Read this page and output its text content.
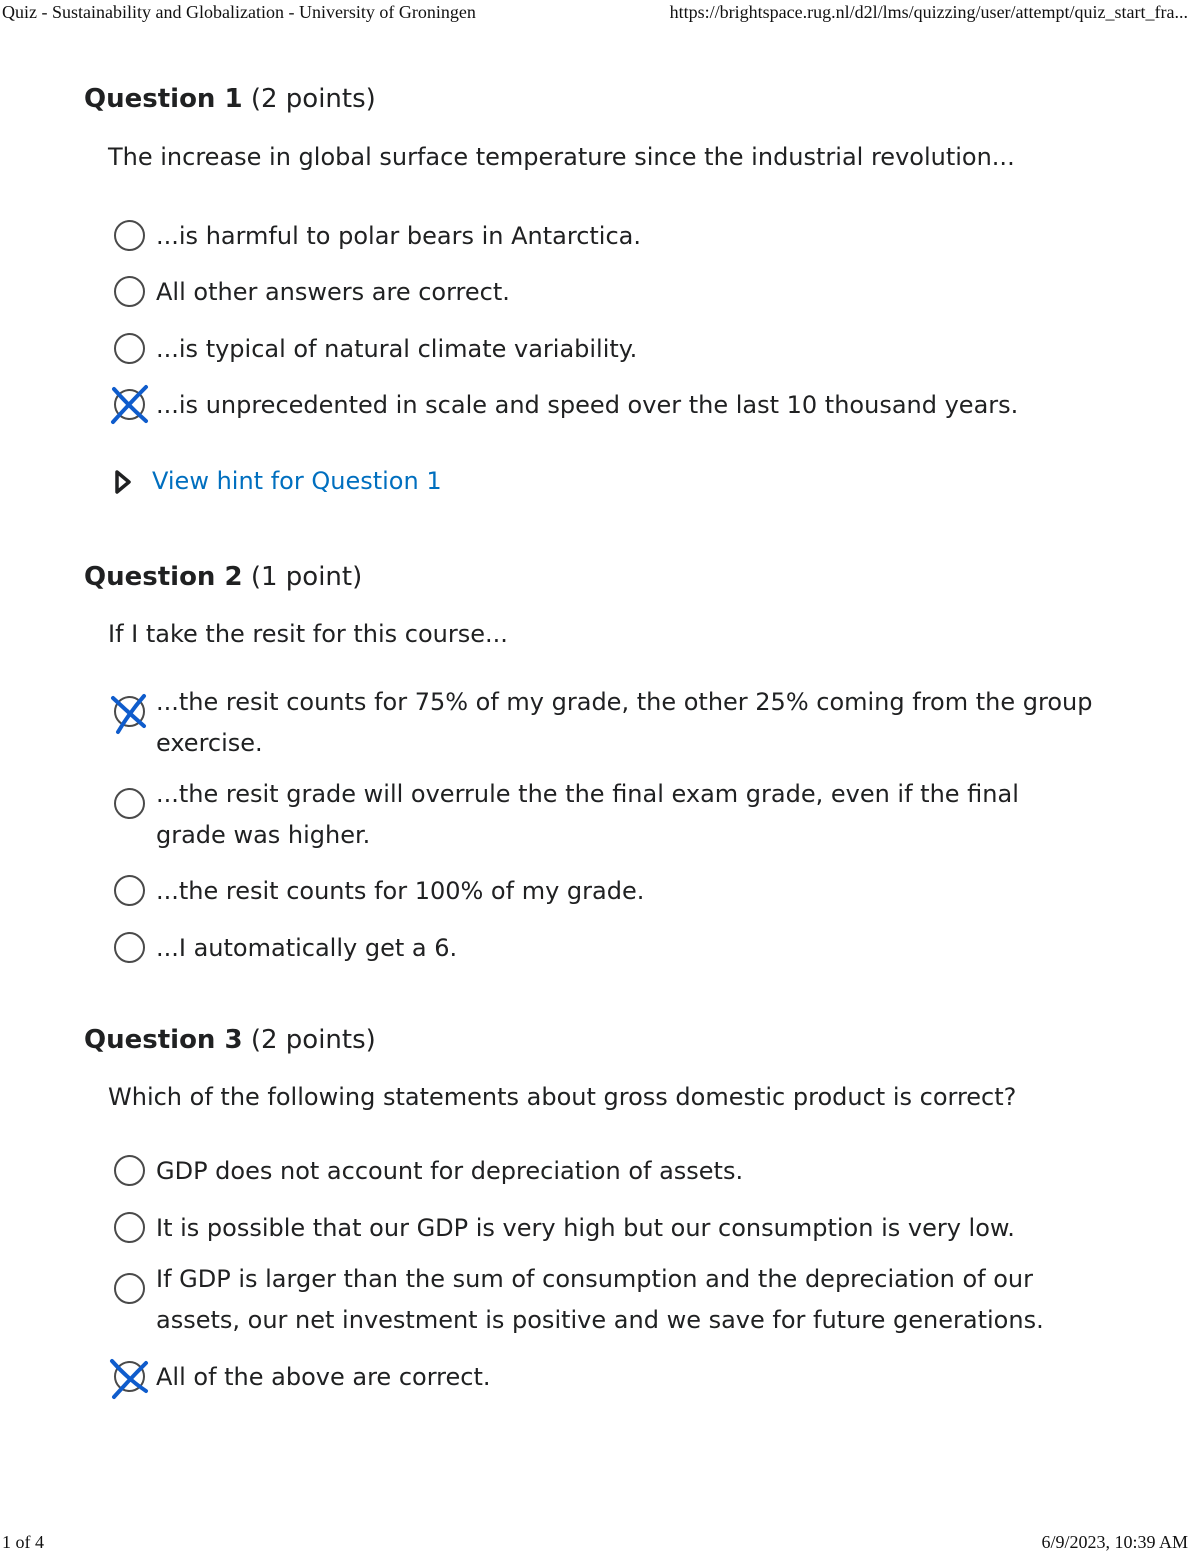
Quiz - Sustainability and Globalization - University of Groningen	https://brightspace.rug.nl/d2l/lms/quizzing/user/attempt/quiz_start_fra...
Question 1 (2 points)
The increase in global surface temperature since the industrial revolution...
...is harmful to polar bears in Antarctica.
All other answers are correct.
...is typical of natural climate variability.
...is unprecedented in scale and speed over the last 10 thousand years.
View hint for Question 1
Question 2 (1 point)
If I take the resit for this course...
...the resit counts for 75% of my grade, the other 25% coming from the group exercise.
...the resit grade will overrule the the final exam grade, even if the final grade was higher.
...the resit counts for 100% of my grade.
...I automatically get a 6.
Question 3 (2 points)
Which of the following statements about gross domestic product is correct?
GDP does not account for depreciation of assets.
It is possible that our GDP is very high but our consumption is very low.
If GDP is larger than the sum of consumption and the depreciation of our assets, our net investment is positive and we save for future generations.
All of the above are correct.
1 of 4	6/9/2023, 10:39 AM
